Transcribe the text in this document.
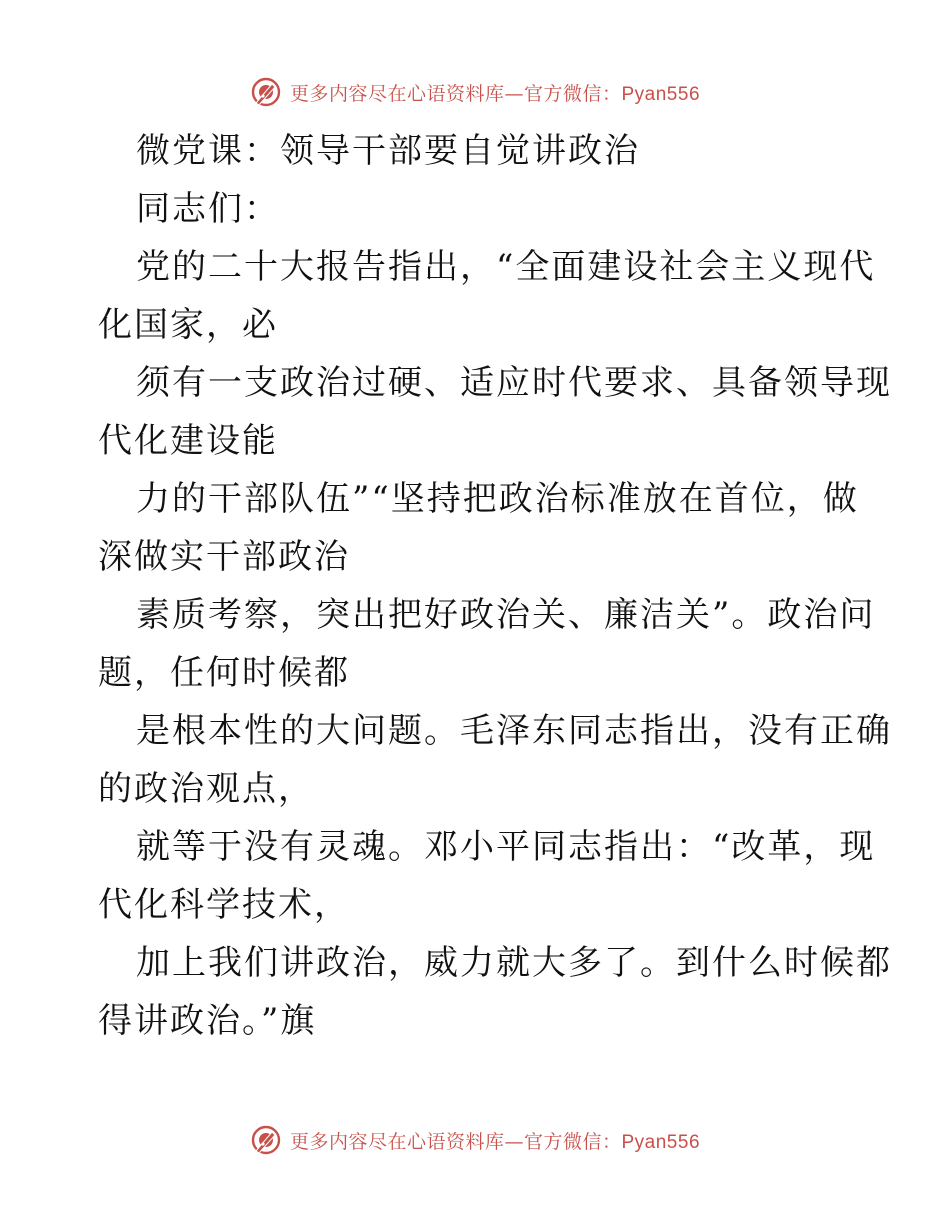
更多内容尽在心语资料库—官方微信：Pyan556
微党课：领导干部要自觉讲政治
同志们：
党的二十大报告指出，“全面建设社会主义现代
化国家，必
须有一支政治过硬、适应时代要求、具备领导现
代化建设能
力的干部队伍”“坚持把政治标准放在首位，做
深做实干部政治
素质考察，突出把好政治关、廉洁关”。政治问
题，任何时候都
是根本性的大问题。毛泽东同志指出，没有正确
的政治观点，
就等于没有灵魂。邓小平同志指出：“改革，现
代化科学技术，
加上我们讲政治，威力就大多了。到什么时候都
得讲政治。”旗
更多内容尽在心语资料库—官方微信：Pyan556
